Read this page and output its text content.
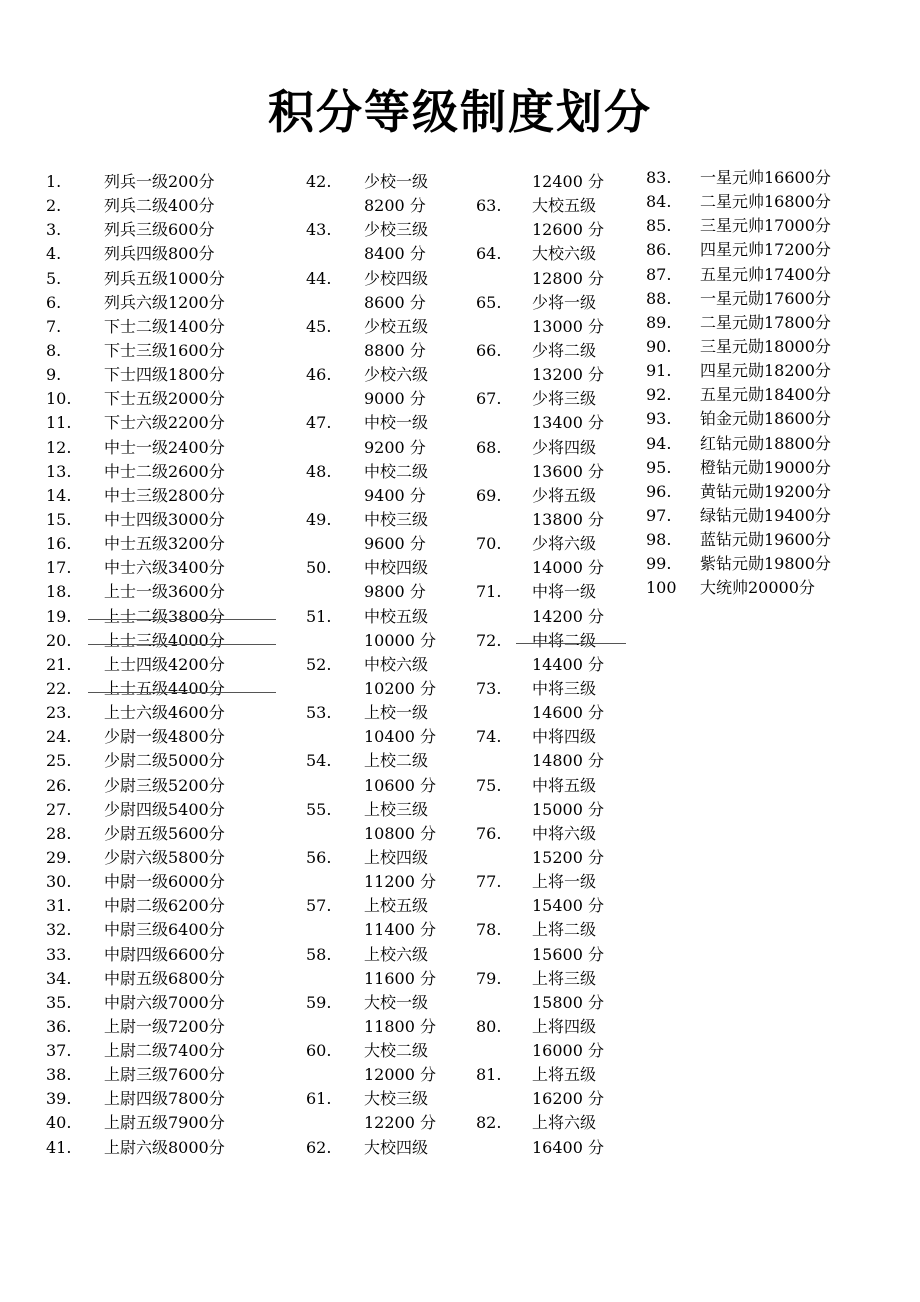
积分等级制度划分
1.	列兵一级200分
2.	列兵二级400分
3.	列兵三级600分
4.	列兵四级800分
5.	列兵五级1000分
6.	列兵六级1200分
7.	下士二级1400分
8.	下士三级1600分
9.	下士四级1800分
10. 下士五级2000分
11. 下士六级2200分
12. 中士一级2400分
13. 中士二级2600分
14. 中士三级2800分
15. 中士四级3000分
16. 中士五级3200分
17. 中士六级3400分
18. 上士一级3600分
19. 上士二级3800分
20. 上士三级4000分
21. 上士四级4200分
22. 上士五级4400分
23. 上士六级4600分
24. 少尉一级4800分
25. 少尉二级5000分
26. 少尉三级5200分
27. 少尉四级5400分
28. 少尉五级5600分
29. 少尉六级5800分
30. 中尉一级6000分
31. 中尉二级6200分
32. 中尉三级6400分
33. 中尉四级6600分
34. 中尉五级6800分
35. 中尉六级7000分
36. 上尉一级7200分
37. 上尉二级7400分
38. 上尉三级7600分
39. 上尉四级7800分
40. 上尉五级7900分
41. 上尉六级8000分
42. 少校一级
8200 分
43. 少校三级
8400 分
44. 少校四级
8600 分
45. 少校五级
8800 分
46. 少校六级
9000 分
47. 中校一级
9200 分
48. 中校二级
9400 分
49. 中校三级
9600 分
50. 中校四级
9800 分
51. 中校五级
10000 分
52. 中校六级
10200 分
53. 上校一级
10400 分
54. 上校二级
10600 分
55. 上校三级
10800 分
56. 上校四级
11200 分
57. 上校五级
11400 分
58. 上校六级
11600 分
59. 大校一级
11800 分
60. 大校二级
12000 分
61. 大校三级
12200 分
62. 大校四级
12400 分
63. 大校五级
12600 分
64. 大校六级
12800 分
65. 少将一级
13000 分
66. 少将二级
13200 分
67. 少将三级
13400 分
68. 少将四级
13600 分
69. 少将五级
13800 分
70. 少将六级
14000 分
71. 中将一级
14200 分
72. 中将二级
14400 分
73. 中将三级
14600 分
74. 中将四级
14800 分
75. 中将五级
15000 分
76. 中将六级
15200 分
77. 上将一级
15400 分
78. 上将二级
15600 分
79. 上将三级
15800 分
80. 上将四级
16000 分
81. 上将五级
16200 分
82. 上将六级
16400 分
83. 一星元帅16600分
84. 二星元帅16800分
85. 三星元帅17000分
86. 四星元帅17200分
87. 五星元帅17400分
88. 一星元勋17600分
89. 二星元勋17800分
90. 三星元勋18000分
91. 四星元勋18200分
92. 五星元勋18400分
93. 铂金元勋18600分
94. 红钻元勋18800分
95. 橙钻元勋19000分
96. 黄钻元勋19200分
97. 绿钻元勋19400分
98. 蓝钻元勋19600分
99. 紫钻元勋19800分
100 大统帅20000分
